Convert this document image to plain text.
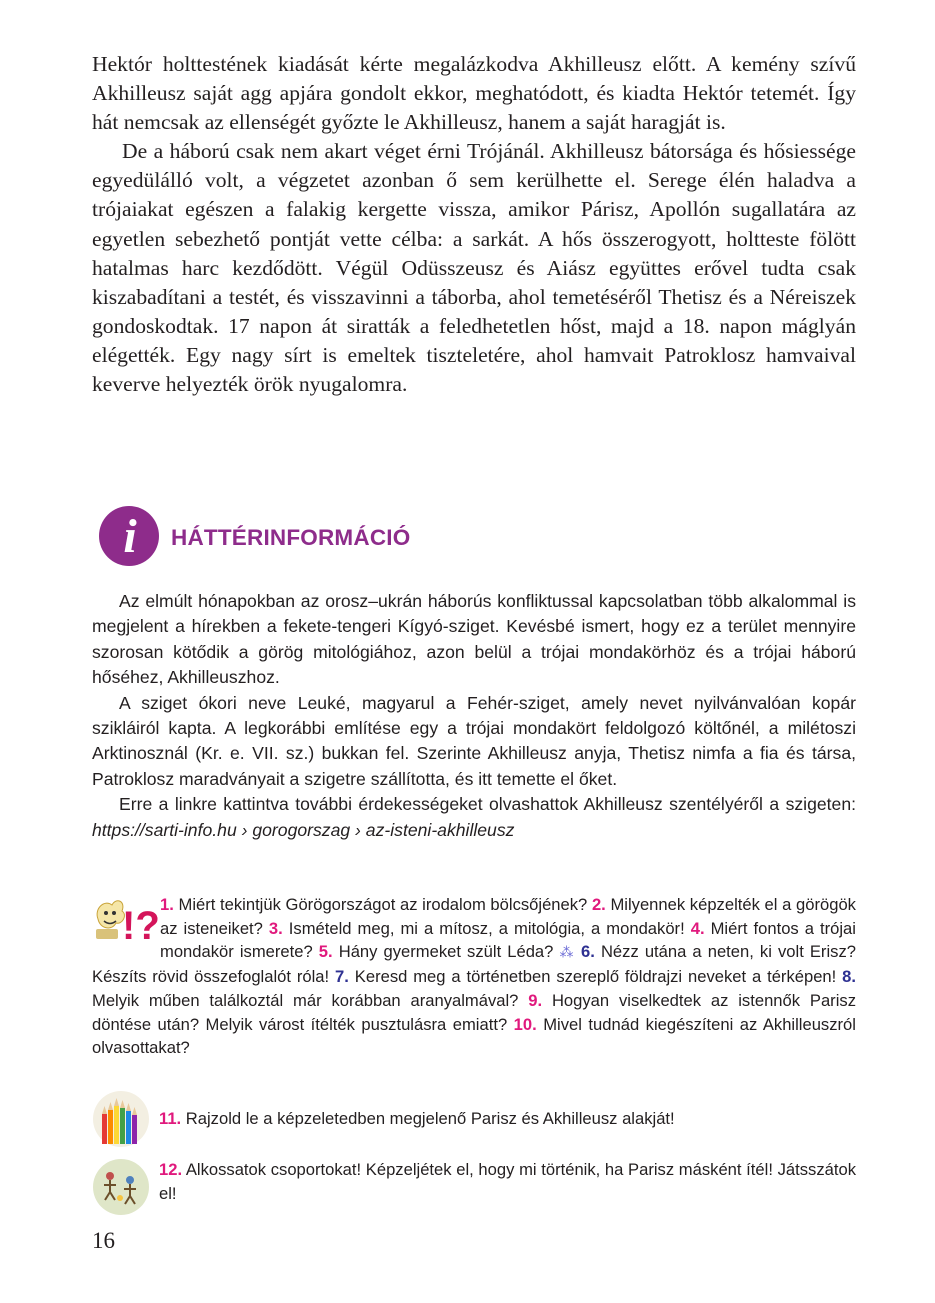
Hektór holttestének kiadását kérte megalázkodva Akhilleusz előtt. A kemény szívű Akhilleusz saját agg apjára gondolt ekkor, meghatódott, és kiadta Hektór tetemét. Így hát nemcsak az ellenségét győzte le Akhilleusz, hanem a saját haragját is.

De a háború csak nem akart véget érni Trójánál. Akhilleusz bátorsága és hősiessége egyedülálló volt, a végzetet azonban ő sem kerülhette el. Serege élén haladva a trójaiakat egészen a falakig kergette vissza, amikor Párisz, Apollón sugallatára az egyetlen sebezhető pontját vette célba: a sarkát. A hős összerogyott, holtteste fölött hatalmas harc kezdődött. Végül Odüsszeusz és Aiász együttes erővel tudta csak kiszabadítani a testét, és visszavinni a táborba, ahol temetéséről Thetisz és a Néreiszek gondoskodtak. 17 napon át siratták a feledhetetlen hőst, majd a 18. napon máglyán elégették. Egy nagy sírt is emeltek tiszteletére, ahol hamvait Patroklosz hamvaival keverve helyezték örök nyugalomra.

i HÁTTÉRINFORMÁCIÓ

Az elmúlt hónapokban az orosz–ukrán háborús konfliktussal kapcsolatban több alkalommal is megjelent a hírekben a fekete-tengeri Kígyó-sziget. Kevésbé ismert, hogy ez a terület mennyire szorosan kötődik a görög mitológiához, azon belül a trójai mondakörhöz és a trójai háború hőséhez, Akhilleuszhoz.

A sziget ókori neve Leuké, magyarul a Fehér-sziget, amely nevet nyilvánvalóan kopár szikláiról kapta. A legkorábbi említése egy a trójai mondakört feldolgozó költőnél, a milétoszi Arktinosznál (Kr. e. VII. sz.) bukkan fel. Szerinte Akhilleusz anyja, Thetisz nimfa a fia és társa, Patroklosz maradványait a szigetre szállította, és itt temette el őket.

Erre a linkre kattintva további érdekességeket olvashattok Akhilleusz szentélyéről a szigeten: https://sarti-info.hu › gorogorszag › az-isteni-akhilleusz

!? 1. Miért tekintjük Görögországot az irodalom bölcsőjének? 2. Milyennek képzelték el a görögök az isteneiket? 3. Ismételd meg, mi a mítosz, a mitológia, a mondakör! 4. Miért fontos a trójai mondakör ismerete? 5. Hány gyermeket szült Léda? ⁂ 6. Nézz utána a neten, ki volt Erisz? Készíts rövid összefoglalót róla! 7. Keresd meg a történetben szereplő földrajzi neveket a térképen! 8. Melyik műben találkoztál már korábban aranyalmával? 9. Hogyan viselkedtek az istennők Parisz döntése után? Melyik várost ítélték pusztulásra emiatt? 10. Mivel tudnád kiegészíteni az Akhilleuszról olvasottakat?
11. Rajzold le a képzeletedben megjelenő Parisz és Akhilleusz alakját!
12. Alkossatok csoportokat! Képzeljétek el, hogy mi történik, ha Parisz másként ítél! Játsszátok el!
16
